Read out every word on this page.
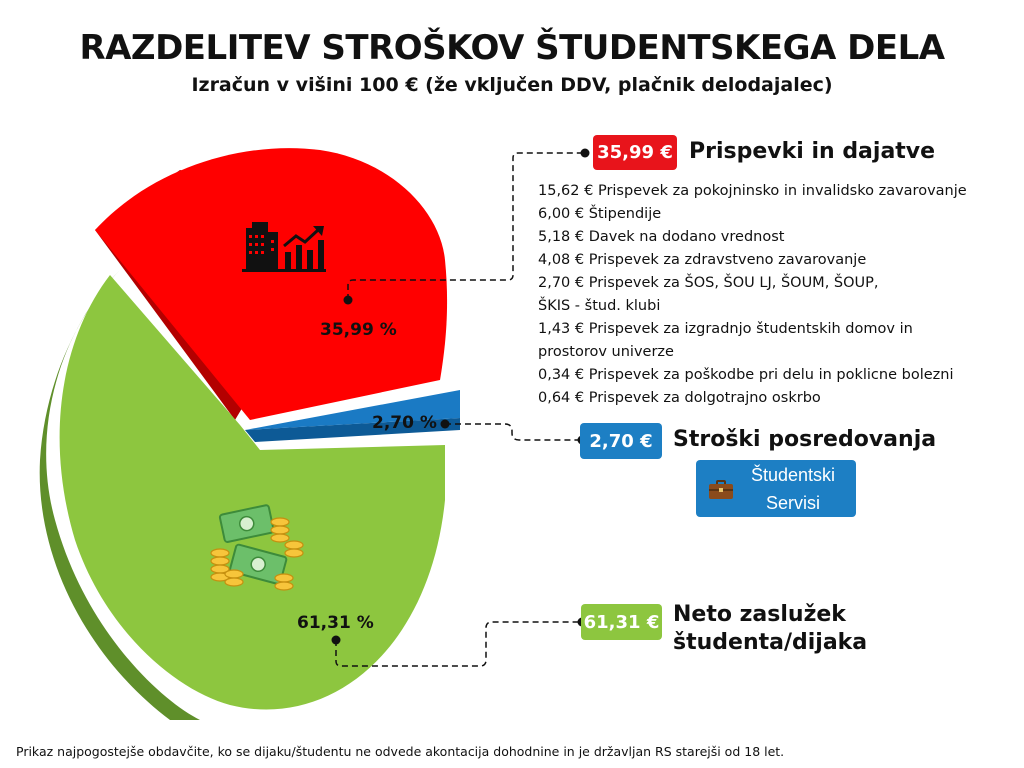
RAZDELITEV STROŠKOV ŠTUDENTSKEGA DELA
Izračun v višini 100 € (že vključen DDV, plačnik delodajalec)
35,99 %
2,70 %
61,31 %
35,99 € Prispevki in dajatve
15,62 € Prispevek za pokojninsko in invalidsko zavarovanje
6,00 € Štipendije
5,18 € Davek na dodano vrednost
4,08 € Prispevek za zdravstveno zavarovanje
2,70 € Prispevek za ŠOS, ŠOU LJ, ŠOUM, ŠOUP,
ŠKIS - štud. klubi
1,43 € Prispevek za izgradnjo študentskih domov in
prostorov univerze
0,34 € Prispevek za poškodbe pri delu in poklicne bolezni
0,64 € Prispevek za dolgotrajno oskrbo
2,70 € Stroški posredovanja
Študentski
Servisi
61,31 € Neto zaslužek
študenta/dijaka
Prikaz najpogostejše obdavčite, ko se dijaku/študentu ne odvede akontacija dohodnine in je državljan RS starejši od 18 let.
